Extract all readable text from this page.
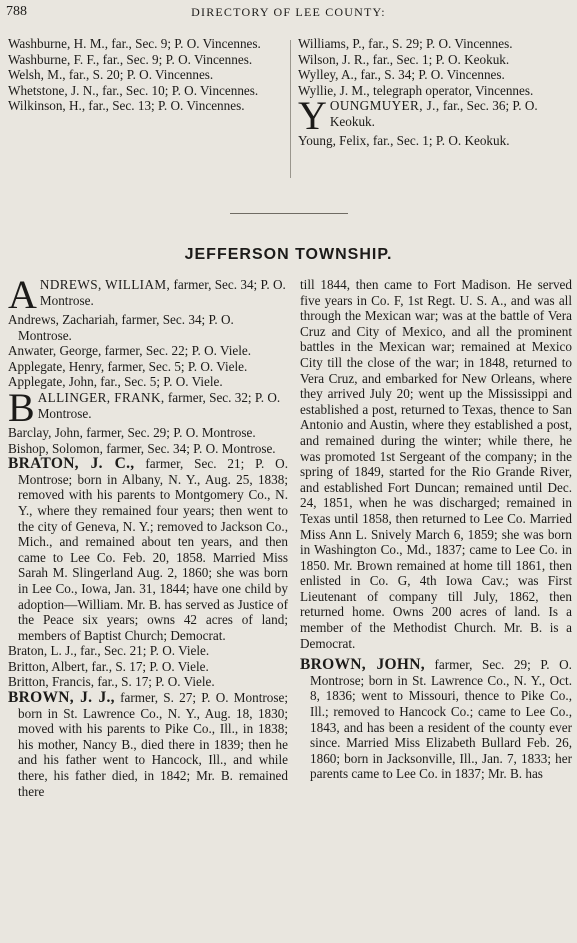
788	DIRECTORY OF LEE COUNTY:

Washburne, H. M., far., Sec. 9; P. O. Vincennes.

Washburne, F. F., far., Sec. 9; P. O. Vincennes.

Welsh, M., far., S. 20; P. O. Vincennes.

Whetstone, J. N., far., Sec. 10; P. O. Vincennes.

Wilkinson, H., far., Sec. 13; P. O. Vincennes.

Williams, P., far., S. 29; P. O. Vincennes.

Wilson, J. R., far., Sec. 1; P. O. Keokuk.

Wylley, A., far., S. 34; P. O. Vincennes.

Wyllie, J. M., telegraph operator, Vincennes.

YOUNGMUYER, J., far., Sec. 36; P. O. Keokuk.

Young, Felix, far., Sec. 1; P. O. Keokuk.

JEFFERSON TOWNSHIP.

ANDREWS, WILLIAM, farmer, Sec. 34; P. O. Montrose.

Andrews, Zachariah, farmer, Sec. 34; P. O. Montrose.

Anwater, George, farmer, Sec. 22; P. O. Viele.

Applegate, Henry, farmer, Sec. 5; P. O. Viele.

Applegate, John, far., Sec. 5; P. O. Viele.

BALLINGER, FRANK, farmer, Sec. 32; P. O. Montrose.

Barclay, John, farmer, Sec. 29; P. O. Montrose.

Bishop, Solomon, farmer, Sec. 34; P. O. Montrose.

BRATON, J. C., farmer, Sec. 21; P. O. Montrose; born in Albany, N. Y., Aug. 25, 1838; removed with his parents to Montgomery Co., N. Y., where they remained four years; then went to the city of Geneva, N. Y.; removed to Jackson Co., Mich., and remained about ten years, and then came to Lee Co. Feb. 20, 1858. Married Miss Sarah M. Slingerland Aug. 2, 1860; she was born in Lee Co., Iowa, Jan. 31, 1844; have one child by adoption—William. Mr. B. has served as Justice of the Peace six years; owns 42 acres of land; members of Baptist Church; Democrat.

Braton, L. J., far., Sec. 21; P. O. Viele.

Britton, Albert, far., S. 17; P. O. Viele.

Britton, Francis, far., S. 17; P. O. Viele.

BROWN, J. J., farmer, S. 27; P. O. Montrose; born in St. Lawrence Co., N. Y., Aug. 18, 1830; moved with his parents to Pike Co., Ill., in 1838; his mother, Nancy B., died there in 1839; then he and his father went to Hancock, Ill., and while there, his father died, in 1842; Mr. B. remained there

till 1844, then came to Fort Madison. He served five years in Co. F, 1st Regt. U. S. A., and was all through the Mexican war; was at the battle of Vera Cruz and City of Mexico, and all the prominent battles in the Mexican war; remained at Mexico City till the close of the war; in 1848, returned to Vera Cruz, and embarked for New Orleans, where they arrived July 20; went up the Mississippi and established a post, returned to Texas, thence to San Antonio and Austin, where they established a post, and remained during the winter; while there, he was promoted 1st Sergeant of the company; in the spring of 1849, started for the Rio Grande River, and established Fort Duncan; remained until Dec. 24, 1851, when he was discharged; remained in Texas until 1858, then returned to Lee Co. Married Miss Ann L. Snively March 6, 1859; she was born in Washington Co., Md., 1837; came to Lee Co. in 1850. Mr. Brown remained at home till 1861, then enlisted in Co. G, 4th Iowa Cav.; was First Lieutenant of company till July, 1862, then returned home. Owns 200 acres of land. Is a member of the Methodist Church. Mr. B. is a Democrat.

BROWN, JOHN, farmer, Sec. 29; P. O. Montrose; born in St. Lawrence Co., N. Y., Oct. 8, 1836; went to Missouri, thence to Pike Co., Ill.; removed to Hancock Co.; came to Lee Co., 1843, and has been a resident of the county ever since. Married Miss Elizabeth Bullard Feb. 26, 1860; born in Jacksonville, Ill., Jan. 7, 1833; her parents came to Lee Co. in 1837; Mr. B. has
